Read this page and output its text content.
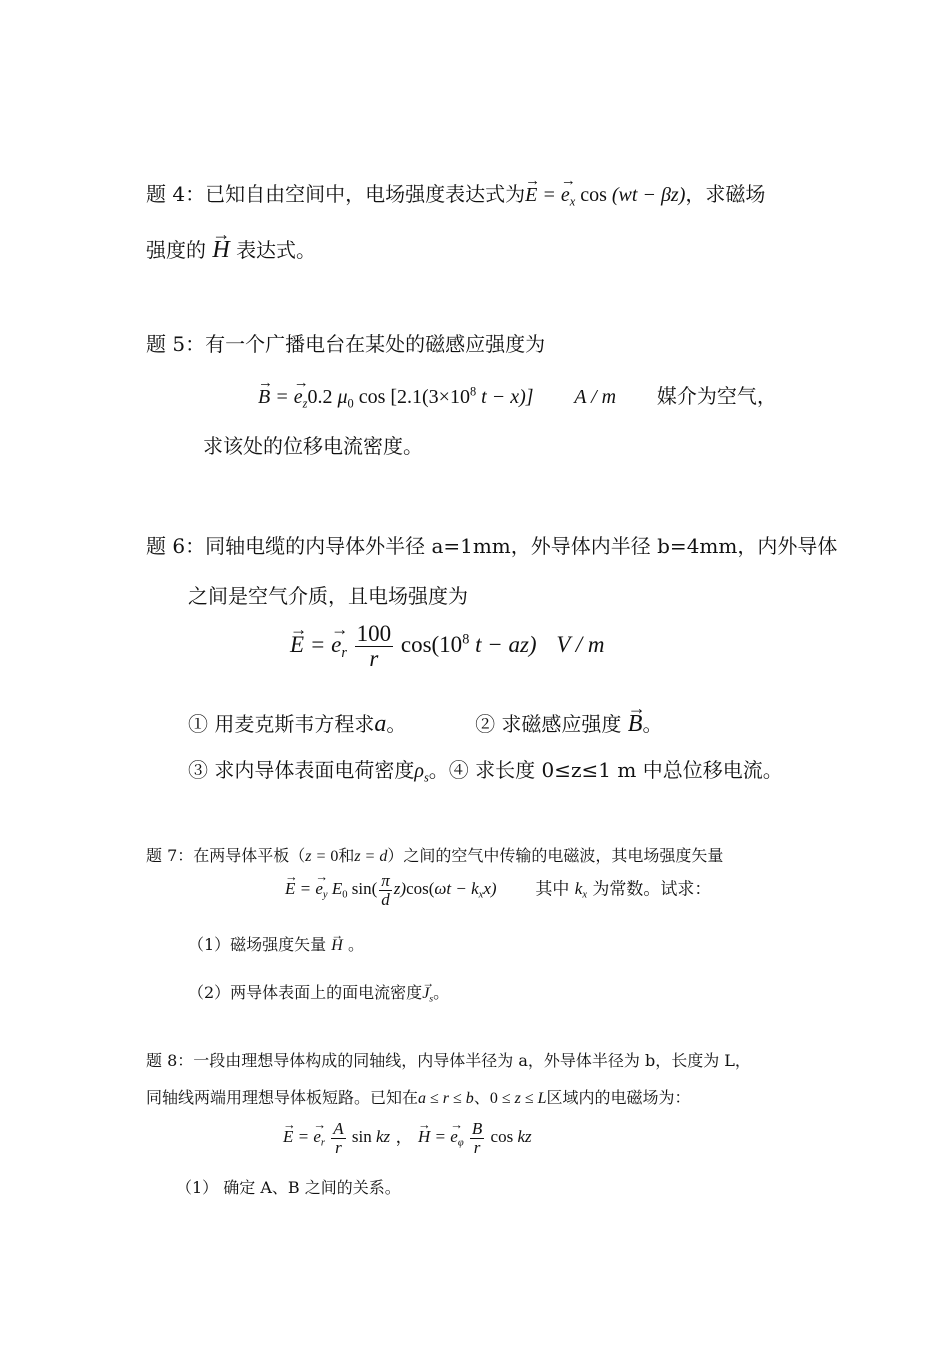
题 4：已知自由空间中，电场强度表达式为→ E = → $e_x$ cos (wt − βz)，求磁场
强度的 → H 表达式。
题 5：有一个广播电台在某处的磁感应强度为
→ B = → $e_z0.2$ $\mu_0$ $\cos [2.1(3\times 10^8$ t − x)] A / m 媒介为空气，
求该处的位移电流密度。
题 6：同轴电缆的内导体外半径 a=1mm，外导体内半径 b=4mm，内外导体
之间是空气介质，且电场强度为
→ E = → $e_r \frac{100}{r} \cos(10^8$ t − az) V / m
① 用麦克斯韦方程求a。	② 求磁感应强度 → B。
③ 求内导体表面电荷密度$\rho_s$。④ 求长度 0≤z≤1 m 中总位移电流。
题 7：在两导体平板（z = 0和z = d）之间的空气中传输的电磁波，其电场强度矢量
→ E = → $e_y$ $E_0$ $\sin( \frac{\pi}{d} z)\cos(\omega t - k_xx)$ 其中 $k_x$ 为常数。试求：
（1）磁场强度矢量 → H 。
（2）两导体表面上的面电流密度→ $J_s$。
题 8：一段由理想导体构成的同轴线，内导体半径为 a，外导体半径为 b，长度为 L，
同轴线两端用理想导体板短路。已知在a ≤ r ≤ b、0 ≤ z ≤ L区域内的电磁场为：
→ E = → $e_r \frac{A}{r}$ sin kz ， → H = → $e_\varphi \frac{B}{r}$ cos kz
（1） 确定 A、B 之间的关系。
